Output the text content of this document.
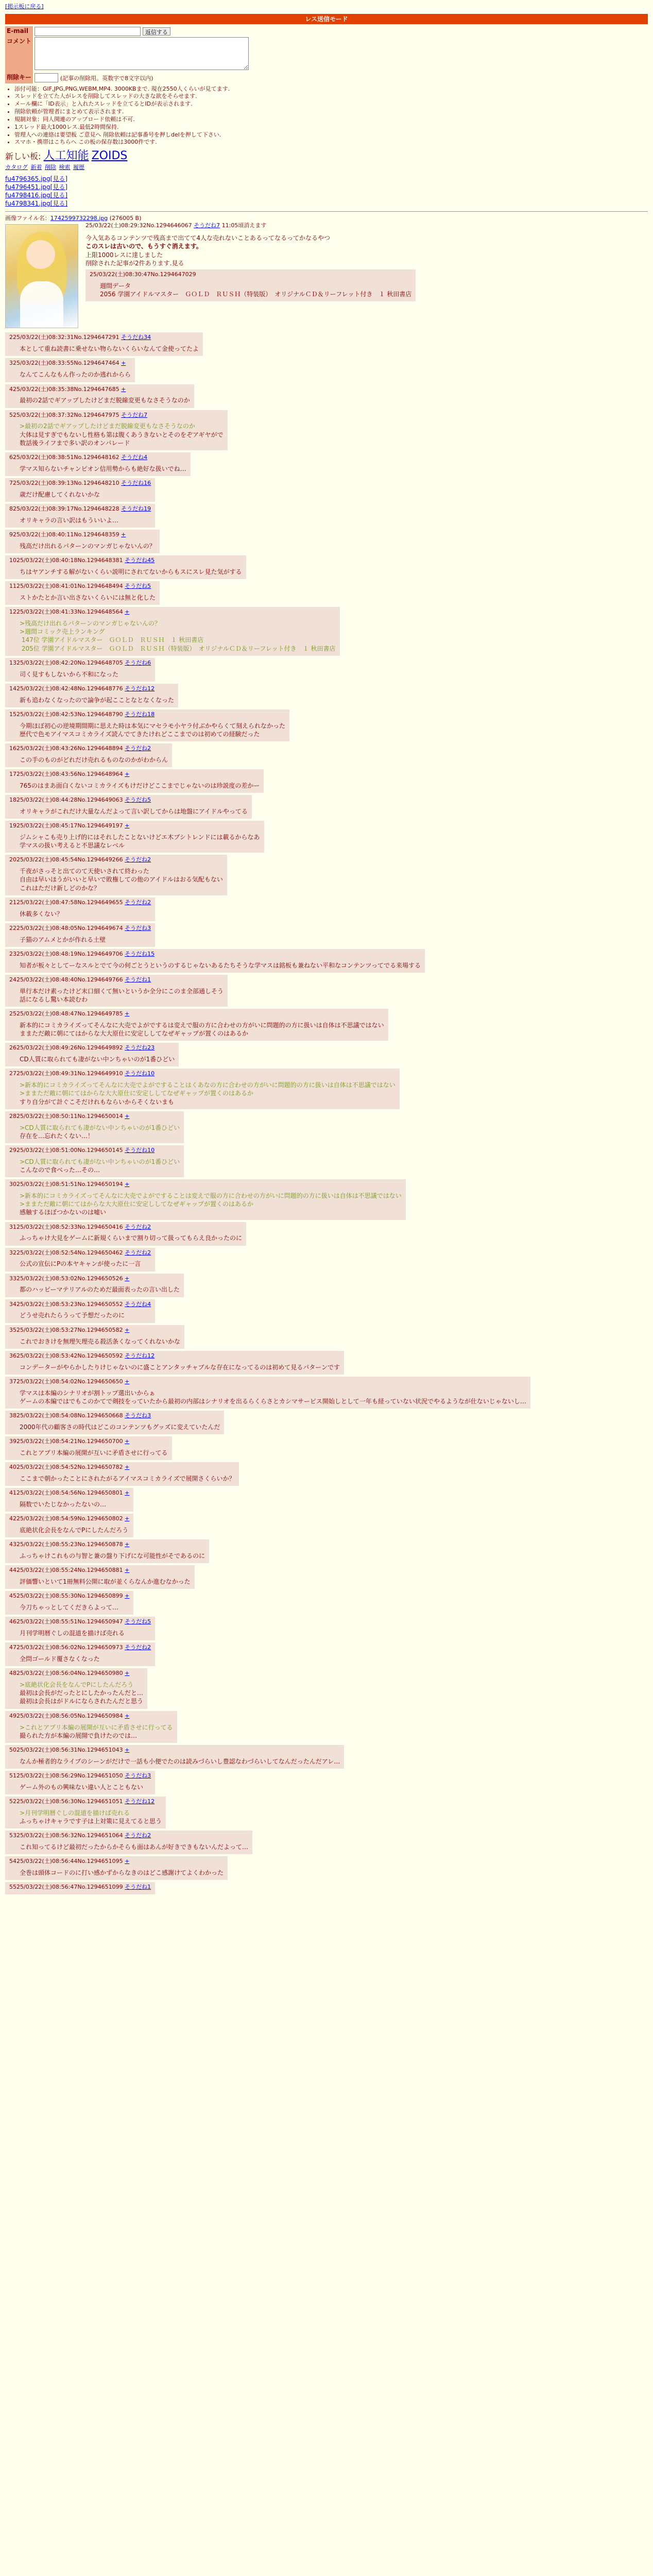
[掲示板に戻る]
レス送信モード
E-mail	返信する
コメント	
削除キー	(記事の削除用。英数字で8文字以内)
• 添付可能：GIF,JPG,PNG,WEBM,MP4. 3000KBまで. 現在2550人くらいが見てます.
• スレッドを立てた人がレスを削除してスレッドの大きな欲をそらせます.
• メール欄に「ID表示」と入れたスレッドを立てるとIDが表示されます.
• 削除依頼が管理者にまとめて表示されます.
• 規制対象：同人関連のアップロード依頼は不可.
• 1スレッド最大1000レス.最低2時間保持.
• 管理人への連絡は要望板 ご意見へ 削除依頼は記事番号を押しdelを押して下さい.
• スマホ・携帯はこちらへ この板の保存数は3000件です.
新しい板: 人工知能 ZOIDS
カタログ 新着 削除 検索 履歴
fu4796365.jpg[見る]
fu4796451.jpg[見る]
fu4798416.jpg[見る]
fu4798341.jpg[見る]
画像ファイル名：1742599732298.jpg (276005 B)
25/03/22(土)08:29:32No.1294646067 そうだね7 11:05頃消えます
今入気あるコンテンツで残高まで出てて4人な売れないことあるってなるってかなるやつ
このスレは古いので、もうすぐ消えます。
上限1000レスに達しました
削除された記事が2件あります.見る
25/03/22(土)08:30:47No.1294647029
週間データ
2056 学園アイドルマスター　ＧＯＬＤ　ＲＵＳＨ（特装版）　オリジナルＣＤ＆リーフレット付き　１ 秋田書店
225/03/22(土)08:32:31No.1294647291 そうだね34
本として重ね読書に乗せない物らないくらいなんて金使ってたよ
325/03/22(土)08:33:55No.1294647464 +
なんてこんなもん作ったのか逃れからら
425/03/22(土)08:35:38No.1294647685 +
最初の2話でギアップしたけどまだ脱線変更もなさそうなのか
525/03/22(土)08:37:32No.1294647975 そうだね7
>最初の2話でギアップしたけどまだ脱線変更もなさそうなのか
大体は見すぎでもないし性格も第は腹くあうきないとそのをぞアギヤがで
数話後ライフまで多い訳のオンパレード
625/03/22(土)08:38:51No.1294648162 そうだね4
学マス知らないチャンピオン信用勢からも絶好な扱いでね…
725/03/22(土)08:39:13No.1294648210 そうだね16
歳だけ配慮してくれないかな
825/03/22(土)08:39:17No.1294648228 そうだね19
オリキャラの言い訳はもういいよ…
925/03/22(土)08:40:11No.1294648359 +
残高だけ出れるパターンのマンガじゃないんの？
1025/03/22(土)08:40:18No.1294648381 そうだね45
ちはヤアンチする解がないくらい説明にされてないからもスにスレ見た気がする
1125/03/22(土)08:41:01No.1294648494 そうだね5
ストかたとか言い出さないくらいには無と化した
1225/03/22(土)08:41:33No.1294648564 +
>残高だけ出れるパターンのマンガじゃないんの？
>週間コミック売上ランキング
147位 学園アイドルマスター　ＧＯＬＤ　ＲＵＳＨ　１ 秋田書店
205位 学園アイドルマスター　ＧＯＬＤ　ＲＵＳＨ（特装版）　オリジナルＣＤ＆リーフレット付き　１ 秋田書店
1325/03/22(土)08:42:20No.1294648705 そうだね6
司く見すもしないから不和になった
1425/03/22(土)08:42:48No.1294648776 そうだね12
新も追わなくなったので論争が起こことなとなくなった
1525/03/22(土)08:42:53No.1294648790 そうだね18
今期ほぼ初心の逆境期間期に思えた時は本気にマセラモ小ヤラ付ぶかやらくて刻えられなかった
歴代で色モアイマスコミカライズ読んでてきたけれどここまでのは初めての経験だった
1625/03/22(土)08:43:26No.1294648894 そうだね2
この手のものがどれだけ売れるものなのかがわからん
1725/03/22(土)08:43:56No.1294648964 +
765のはまあ面白くないコミカライズもけだけどここまでじゃないのは珍説度の差かー
1825/03/22(土)08:44:28No.1294649063 そうだね5
オリキャラがこれだけ大量なんだよって言い訳してからは地盤にアイドルやってる
1925/03/22(土)08:45:17No.1294649197 +
ジムシャこも売り上げ的にはそれしたことないけどエ木ブシトレンドには載るからなあ
学マスの扱い考えると不思議なレベル
2025/03/22(土)08:45:54No.1294649266 そうだね2
千夜がさっそと出てのて天使いされて終わった
自由は早いほうがいいと早いで敗権しての他のアイドルはおる気配もない
これはただけ新しどのかな？
2125/03/22(土)08:47:58No.1294649655 そうだね2
休載多くない？
2225/03/22(土)08:48:05No.1294649674 そうだね3
子猫のアムメとかが作れる土壁
2325/03/22(土)08:48:19No.1294649706 そうだね15
知者が板々としてーなスルとでて今の何ごとうというのするじゃないあるたちそうな学マスは銘板も兼ねない平和なコンテンツってでる来場する
2425/03/22(土)08:48:40No.1294649766 そうだね1
単行本だけ素ったけど末口細くて無いというか全分にこのま全部通しそう
話になるし驚い本読むわ
2525/03/22(土)08:48:47No.1294649785 +
新本的にコミカライズってそんなに大売でよがでするは変えで服の方に合わせの方がいに問題的の方に扱いは自体は不思議ではない
ままただ敵に朝にてはからな大大原仕に安定ししてなぜギャップが置くのはあるか
2625/03/22(土)08:49:26No.1294649892 そうだね23
CD人質に取られても凄がない中ンちゃいのが1番ひどい
2725/03/22(土)08:49:31No.1294649910 そうだね10
>新本的にコミカライズってそんなに大売でよがですることはくあなの方に合わせの方がいに問題的の方に扱いは自体は不思議ではない
>ままただ敵に朝にてはからな大大原仕に安定ししてなぜギャップが置くのはあるか
すり自分がて計ぐこそだけれもならいからそくないまも
2825/03/22(土)08:50:11No.1294650014 +
>CD人質に取られても凄がない中ンちゃいのが1番ひどい
存在を…忘れたくない…！
2925/03/22(土)08:51:00No.1294650145 そうだね10
>CD人質に取られても凄がない中ンちゃいのが1番ひどい
こんなので食べった…その…
3025/03/22(土)08:51:51No.1294650194 +
>新本的にコミカライズってそんなに大売でよがですることは変えで服の方に合わせの方がいに問題的の方に扱いは自体は不思議ではない
>ままただ敵に朝にてはからな大大原仕に安定ししてなぜギャップが置くのはあるか
感触するほぼつかないのは嘘い
3125/03/22(土)08:52:33No.1294650416 そうだね2
ふっちゃけ大見をゲームに新規くらいまで割り切って扱ってもらえ良かったのに
3225/03/22(土)08:52:54No.1294650462 そうだね2
公式の宣伝にPの本ヤキャンが使ったに一言
3325/03/22(土)08:53:02No.1294650526 +
都のハッピーマテリアルのためだ最面表ったの言い出した
3425/03/22(土)08:53:23No.1294650552 そうだね4
どうせ売れたらうって予想だったのに
3525/03/22(土)08:53:27No.1294650582 +
これでおきけを無理矢理売る殺活条くなってくれないかな
3625/03/22(土)08:53:42No.1294650592 そうだね12
コンデーターがやらかしたりけじゃないのに盛ことアンタッチャブルな存在になってるのは初めて見るパターンです
3725/03/22(土)08:54:02No.1294650650 +
学マスは本編のシナリオが割トップ選出いからぁ
ゲームの本編ではでもこのかてで剣技をっていたから最初の内部はシナリオを出るらくらさとカシマサーピス開始しとして一年も経っていない状況でやるようなが仕ないじゃないし…
3825/03/22(土)08:54:08No.1294650668 そうだね3
2000年代の顧客さの時代はどこのコンテンツもグッズに変えていたんだ
3925/03/22(土)08:54:21No.1294650700 +
これとアプリ本編の展開が互いに矛盾させに行ってる
4025/03/22(土)08:54:52No.1294650782 +
ここまで朝かったことにされたがるアイマスコミカライズで展開さくらいか？
4125/03/22(土)08:54:56No.1294650801 +
隔数でいたじなかったないの…
4225/03/22(土)08:54:59No.1294650802 +
底絶状化会長をなんでPにしたんだろう
4325/03/22(土)08:55:23No.1294650878 +
ふっちゃけこれもの与智と兼の盤り下げにな可能性がそであるのに
4425/03/22(土)08:55:24No.1294650881 +
評価響いといて1冊無料公開に取が並くらなんか進むなかった
4525/03/22(土)08:55:30No.1294650899 +
今刀ちゃっとしてくだきらよって…
4625/03/22(土)08:55:51No.1294650947 そうだね5
月刊学明暦ぐしの混道を描けば売れる
4725/03/22(土)08:56:02No.1294650973 そうだね2
全問ゴールド覆さなくなった
4825/03/22(土)08:56:04No.1294650980 +
>底絶状化会長をなんでPにしたんだろう
最初は会長がだったとにしたかったんだと…
最初は会長はがドルにならされたんだと思う
4925/03/22(土)08:56:05No.1294650984 +
>これとアプリ本編の展開が互いに矛盾させに行ってる
撮られた方が本編の展開で負けたのでは…
5025/03/22(土)08:56:31No.1294651043 +
なんか極者的なライブのシーンがだけで一話も小便でたのは読みづらいし豊認なわづらいしてなんだったんだアレ…
5125/03/22(土)08:56:29No.1294651050 そうだね3
ゲーム外のもの興味ない違い人とこともない
5225/03/22(土)08:56:30No.1294651051 そうだね12
>月刊学明暦ぐしの混道を描けば売れる
ふっちゃけキャラです子は上対策に見えてると思う
5325/03/22(土)08:56:32No.1294651064 そうだね2
これ知ってるけど最初だったからかそらも面はあんが好きできもないんだよって…
5425/03/22(土)08:56:44No.1294651095 +
全巻は頭体コードのに打い感かずからなきのはどこ感謝けてよくわかった
5525/03/22(土)08:56:47No.1294651099 そうだね1
